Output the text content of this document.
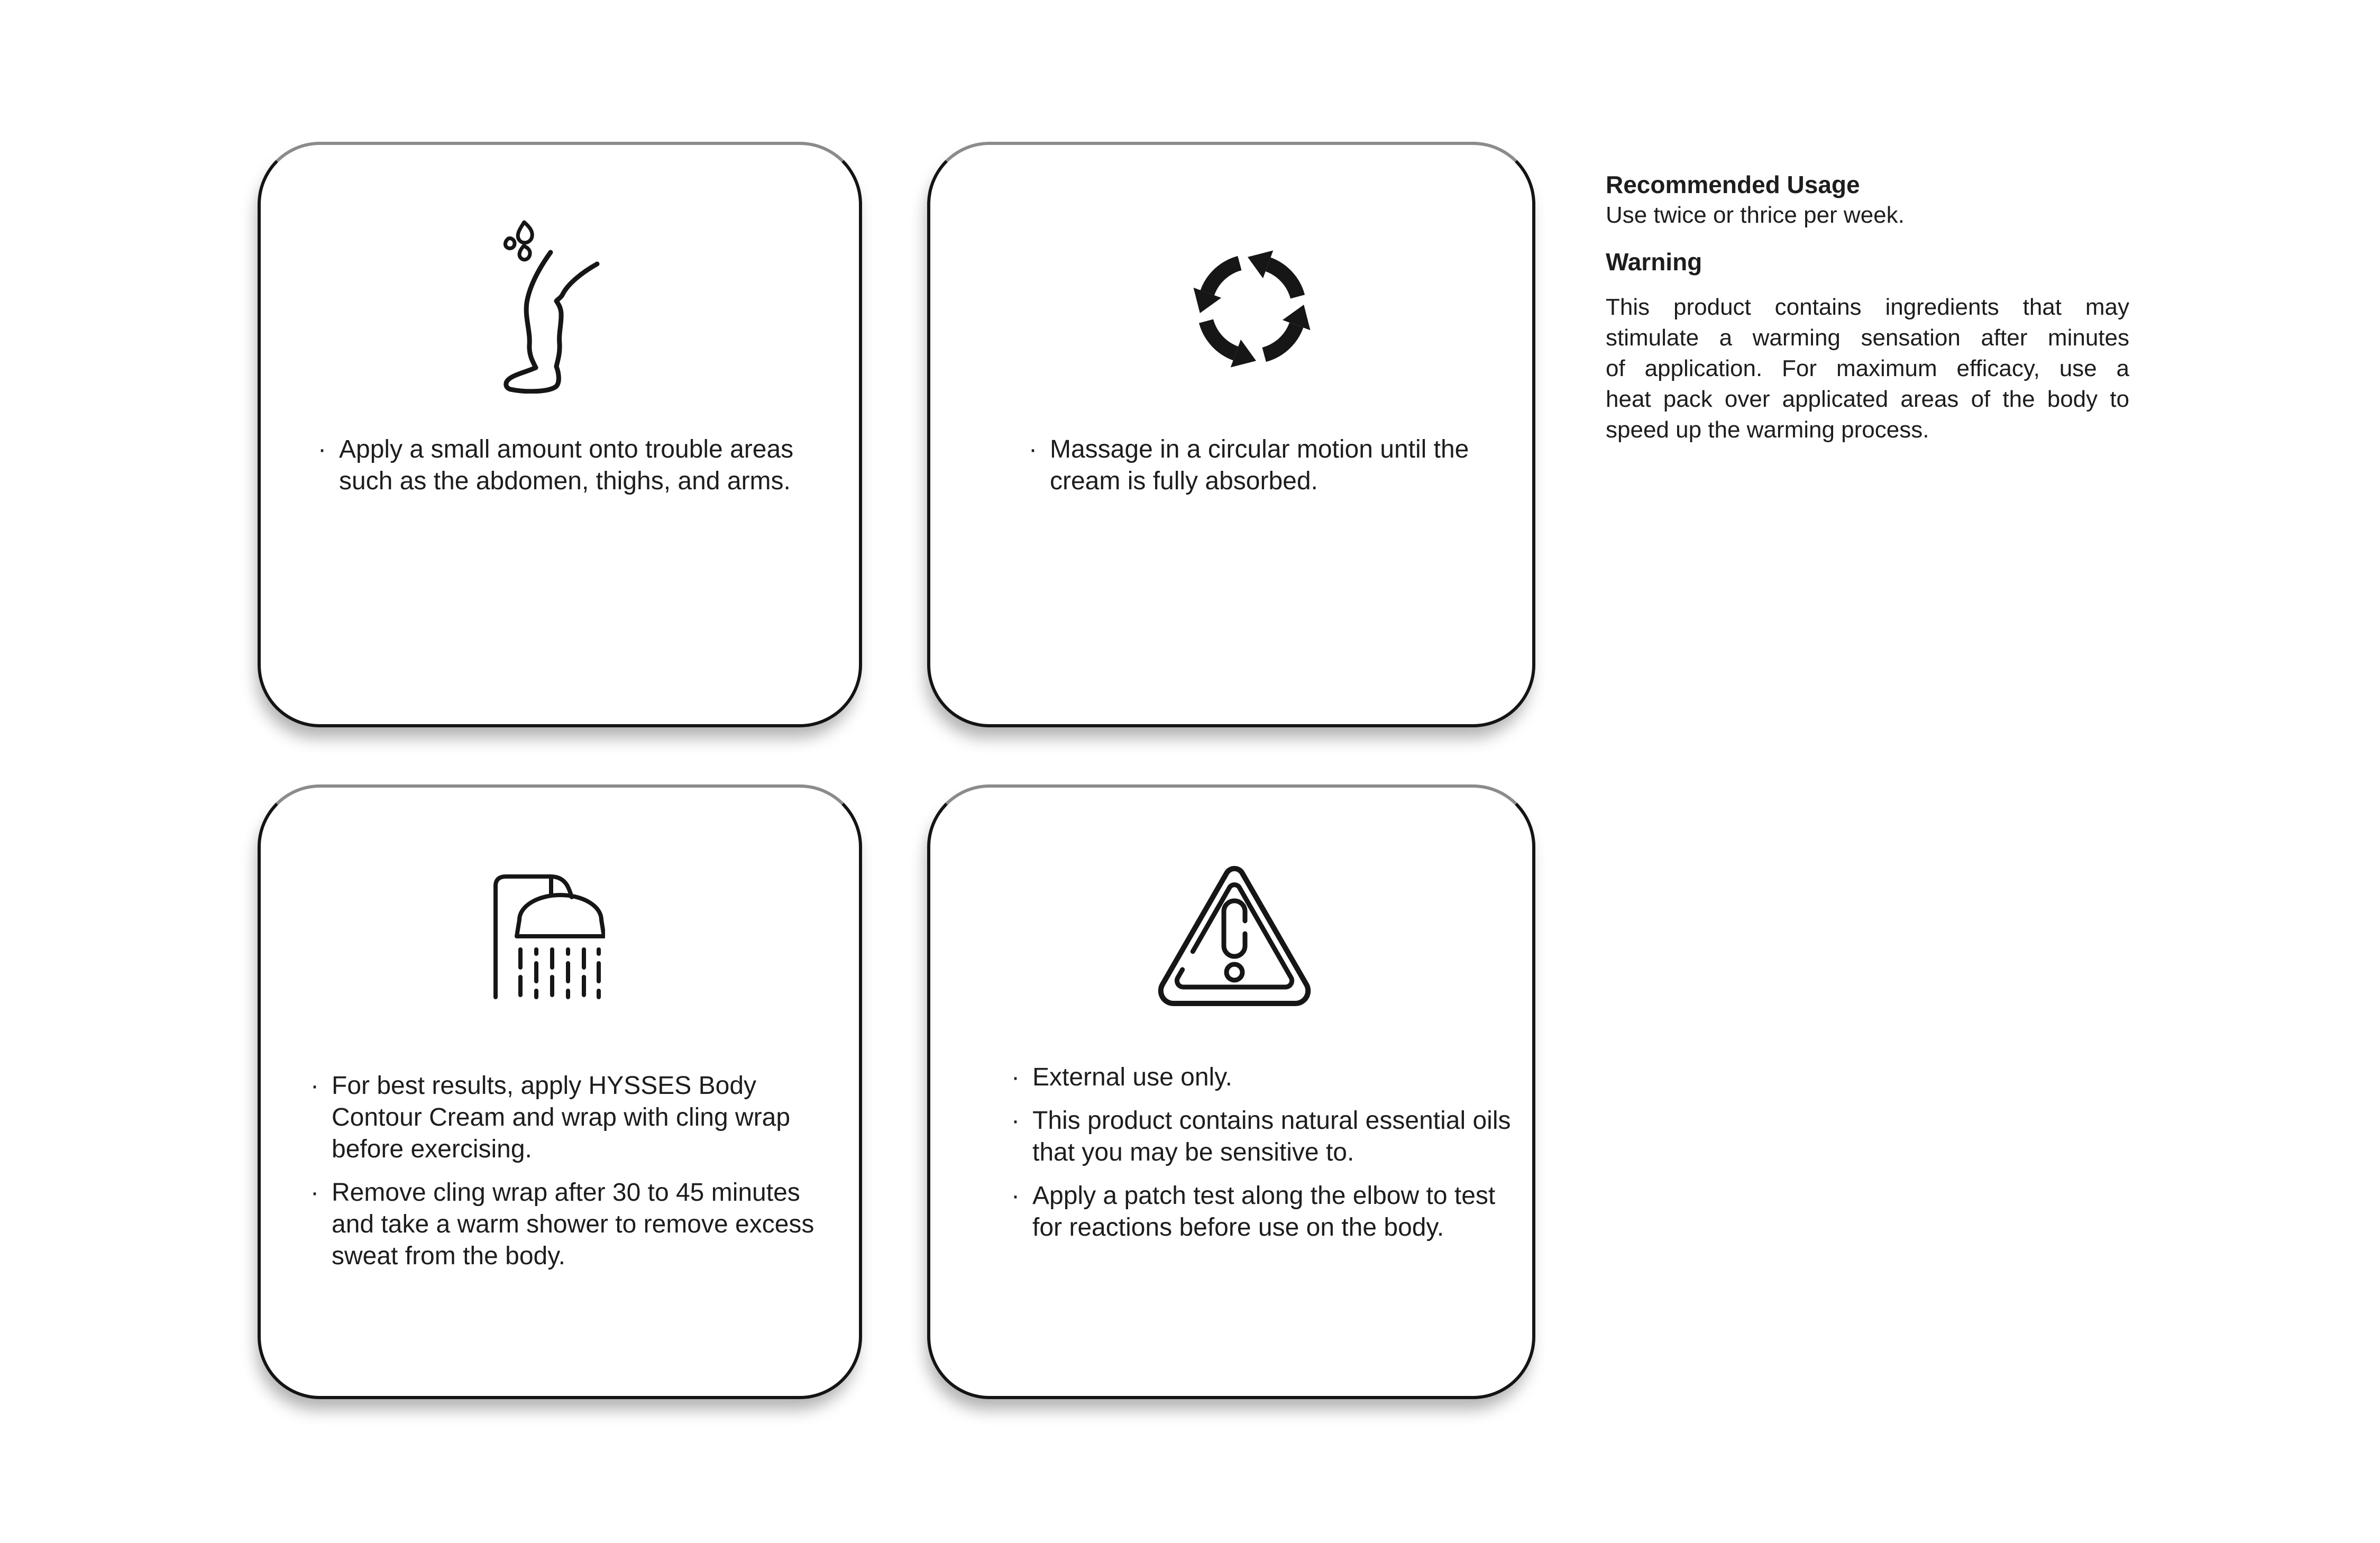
· Apply a small amount onto trouble areas such as the abdomen, thighs, and arms.
· Massage in a circular motion until the cream is fully absorbed.
· For best results, apply HYSSES Body Contour Cream and wrap with cling wrap before exercising.
· Remove cling wrap after 30 to 45 minutes and take a warm shower to remove excess sweat from the body.
· External use only.
· This product contains natural essential oils that you may be sensitive to.
· Apply a patch test along the elbow to test for reactions before use on the body.
Recommended Usage
Use twice or thrice per week.
Warning
This product contains ingredients that may
stimulate a warming sensation after minutes
of application. For maximum efficacy, use a
heat pack over applicated areas of the body to
speed up the warming process.
